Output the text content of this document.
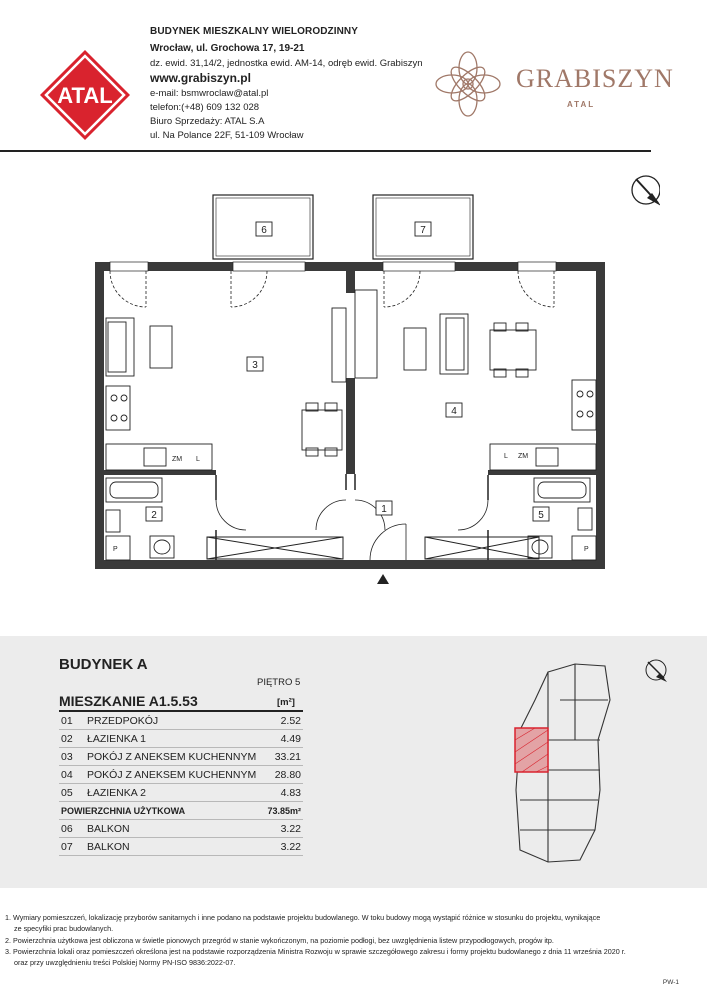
ATAL
BUDYNEK MIESZKALNY WIELORODZINNY
Wrocław, ul. Grochowa 17, 19-21
dz. ewid. 31,14/2, jednostka ewid. AM-14, odręb ewid. Grabiszyn
www.grabiszyn.pl
e-mail: bsmwroclaw@atal.pl
telefon:(+48) 609 132 028
Biuro Sprzedaży: ATAL S.A
ul. Na Polance 22F, 51-109 Wrocław
GRABISZYN
ATAL
6	7
3
4
1
2	5
ZM L	L ZM
P	P
BUDYNEK A
PIĘTRO 5
MIESZKANIE A1.5.53	[m²]
01 PRZEDPOKÓJ	2.52
02 ŁAZIENKA 1	4.49
03 POKÓJ Z ANEKSEM KUCHENNYM 33.21
04 POKÓJ Z ANEKSEM KUCHENNYM 28.80
05 ŁAZIENKA 2	4.83
POWIERZCHNIA UŻYTKOWA	73.85m²
06 BALKON	3.22
07 BALKON	3.22
1. Wymiary pomieszczeń, lokalizację przyborów sanitarnych i inne podano na podstawie projektu budowlanego. W toku budowy mogą wystąpić różnice w stosunku do projektu, wynikające
ze specyfiki prac budowlanych.
2. Powierzchnia użytkowa jest obliczona w świetle pionowych przegród w stanie wykończonym, na poziomie podłogi, bez uwzględnienia listew przypodłogowych, progów itp.
3. Powierzchnia lokali oraz pomieszczeń określona jest na podstawie rozporządzenia Ministra Rozwoju w sprawie szczegółowego zakresu i formy projektu budowlanego z dnia 11 września 2020 r.
oraz przy uwzględnieniu treści Polskiej Normy PN-ISO 9836:2022-07.
PW-1
